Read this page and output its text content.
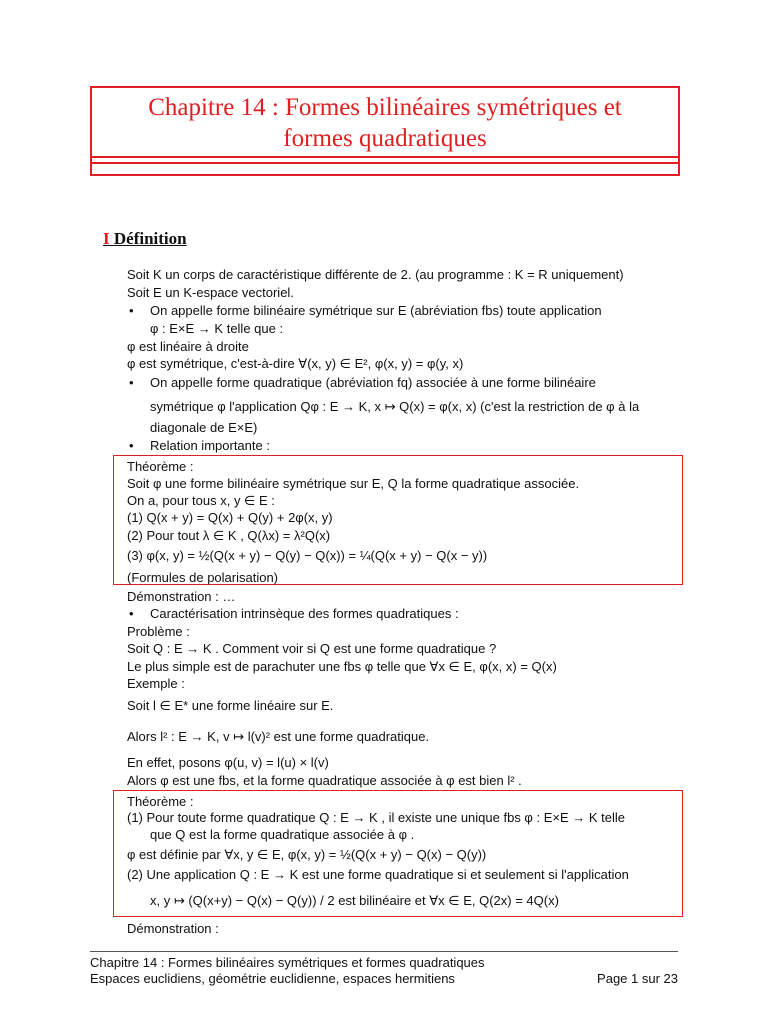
Chapitre 14 : Formes bilinéaires symétriques et
formes quadratiques
I Définition
Soit K un corps de caractéristique différente de 2. (au programme : K = R uniquement)
Soit E un K-espace vectoriel.
• On appelle forme bilinéaire symétrique sur E (abréviation fbs) toute application
φ : E×E → K telle que :
φ est linéaire à droite
φ est symétrique, c'est-à-dire ∀(x, y) ∈ E², φ(x, y) = φ(y, x)
• On appelle forme quadratique (abréviation fq) associée à une forme bilinéaire
symétrique φ l'application Qφ : E → K, x ↦ Q(x) = φ(x, x) (c'est la restriction de φ à la
diagonale de E×E)
• Relation importante :
Théorème :
Soit φ une forme bilinéaire symétrique sur E, Q la forme quadratique associée.
On a, pour tous x, y ∈ E :
(1) Q(x + y) = Q(x) + Q(y) + 2φ(x, y)
(2) Pour tout λ ∈ K , Q(λx) = λ²Q(x)
(3) φ(x, y) = ½(Q(x + y) − Q(y) − Q(x)) = ¼(Q(x + y) − Q(x − y))
(Formules de polarisation)
Démonstration : …
• Caractérisation intrinsèque des formes quadratiques :
Problème :
Soit Q : E → K . Comment voir si Q est une forme quadratique ?
Le plus simple est de parachuter une fbs φ telle que ∀x ∈ E, φ(x, x) = Q(x)
Exemple :
Soit l ∈ E* une forme linéaire sur E.
Alors l² : E → K, v ↦ l(v)² est une forme quadratique.
En effet, posons φ(u, v) = l(u) × l(v)
Alors φ est une fbs, et la forme quadratique associée à φ est bien l² .
Théorème :
(1) Pour toute forme quadratique Q : E → K , il existe une unique fbs φ : E×E → K telle
que Q est la forme quadratique associée à φ .
φ est définie par ∀x, y ∈ E, φ(x, y) = ½(Q(x + y) − Q(x) − Q(y))
(2) Une application Q : E → K est une forme quadratique si et seulement si l'application
x, y ↦ (Q(x+y) − Q(x) − Q(y)) / 2 est bilinéaire et ∀x ∈ E, Q(2x) = 4Q(x)
Démonstration :
Chapitre 14 : Formes bilinéaires symétriques et formes quadratiques
Espaces euclidiens, géométrie euclidienne, espaces hermitiens	Page 1 sur 23
